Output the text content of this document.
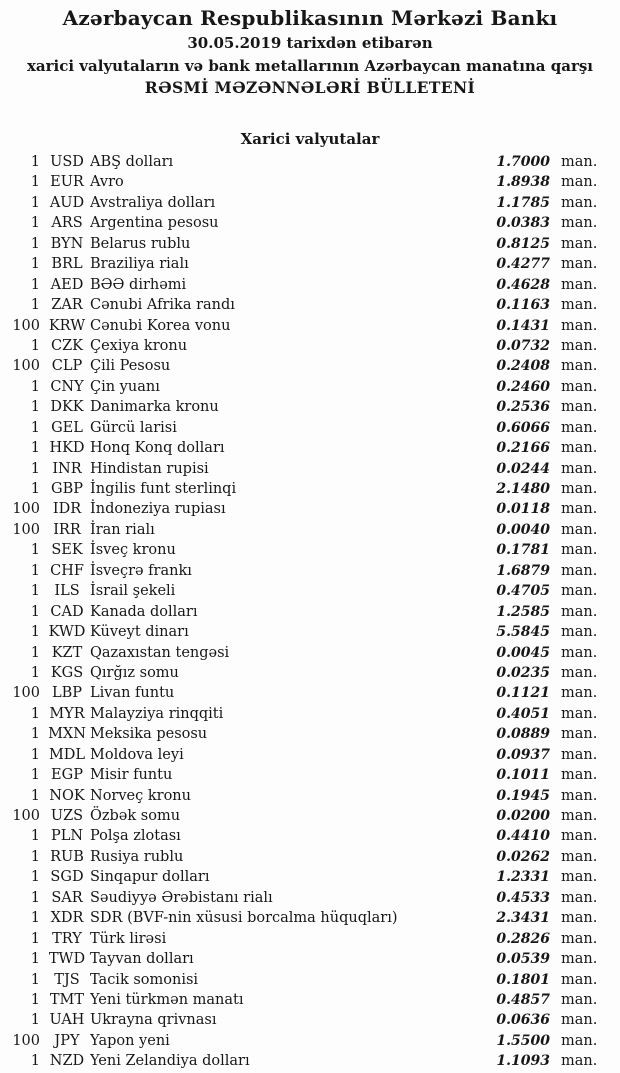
Azərbaycan Respublikasının Mərkəzi Bankı
30.05.2019 tarixdən etibarən
xarici valyutaların və bank metallarının Azərbaycan manatına qarşı
RƏSMİ MƏZƏNNƏLƏRİ BÜLLETENİ
Xarici valyutalar
1 USD ABŞ dolları	1.7000 man.
1 EUR Avro	1.8938 man.
1 AUD Avstraliya dolları	1.1785 man.
1 ARS Argentina pesosu	0.0383 man.
1 BYN Belarus rublu	0.8125 man.
1 BRL Braziliya rialı	0.4277 man.
1 AED BƏƏ dirhəmi	0.4628 man.
1 ZAR Cənubi Afrika randı	0.1163 man.
100 KRW Cənubi Korea vonu	0.1431 man.
1 CZK Çexiya kronu	0.0732 man.
100 CLP Çili Pesosu	0.2408 man.
1 CNY Çin yuanı	0.2460 man.
1 DKK Danimarka kronu	0.2536 man.
1 GEL Gürcü larisi	0.6066 man.
1 HKD Honq Konq dolları	0.2166 man.
1 INR Hindistan rupisi	0.0244 man.
1 GBP İngilis funt sterlinqi	2.1480 man.
100 IDR İndoneziya rupiası	0.0118 man.
100 IRR İran rialı	0.0040 man.
1 SEK İsveç kronu	0.1781 man.
1 CHF İsveçrə frankı	1.6879 man.
1 ILS İsrail şekeli	0.4705 man.
1 CAD Kanada dolları	1.2585 man.
1 KWD Küveyt dinarı	5.5845 man.
1 KZT Qazaxıstan tengəsi	0.0045 man.
1 KGS Qırğız somu	0.0235 man.
100 LBP Livan funtu	0.1121 man.
1 MYR Malayziya rinqqiti	0.4051 man.
1 MXN Meksika pesosu	0.0889 man.
1 MDL Moldova leyi	0.0937 man.
1 EGP Misir funtu	0.1011 man.
1 NOK Norveç kronu	0.1945 man.
100 UZS Özbək somu	0.0200 man.
1 PLN Polşa zlotası	0.4410 man.
1 RUB Rusiya rublu	0.0262 man.
1 SGD Sinqapur dolları	1.2331 man.
1 SAR Səudiyyə Ərəbistanı rialı	0.4533 man.
1 XDR SDR (BVF-nin xüsusi borcalma hüquqları)	2.3431 man.
1 TRY Türk lirəsi	0.2826 man.
1 TWD Tayvan dolları	0.0539 man.
1 TJS Tacik somonisi	0.1801 man.
1 TMT Yeni türkmən manatı	0.4857 man.
1 UAH Ukrayna qrivnası	0.0636 man.
100 JPY Yapon yeni	1.5500 man.
1 NZD Yeni Zelandiya dolları	1.1093 man.
